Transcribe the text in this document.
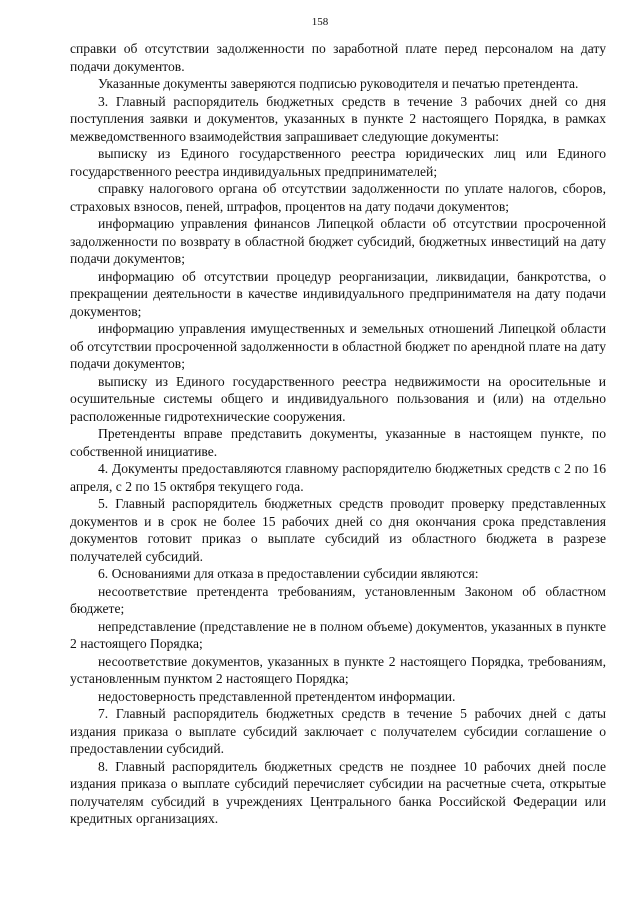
158

справки об отсутствии задолженности по заработной плате перед персоналом на дату подачи документов.

Указанные документы заверяются подписью руководителя и печатью претендента.

3. Главный распорядитель бюджетных средств в течение 3 рабочих дней со дня поступления заявки и документов, указанных в пункте 2 настоящего Порядка, в рамках межведомственного взаимодействия запрашивает следующие документы:

выписку из Единого государственного реестра юридических лиц или Единого государственного реестра индивидуальных предпринимателей;

справку налогового органа об отсутствии задолженности по уплате налогов, сборов, страховых взносов, пеней, штрафов, процентов на дату подачи документов;

информацию управления финансов Липецкой области об отсутствии просроченной задолженности по возврату в областной бюджет субсидий, бюджетных инвестиций на дату подачи документов;

информацию об отсутствии процедур реорганизации, ликвидации, банкротства, о прекращении деятельности в качестве индивидуального предпринимателя на дату подачи документов;

информацию управления имущественных и земельных отношений Липецкой области об отсутствии просроченной задолженности в областной бюджет по арендной плате на дату подачи документов;

выписку из Единого государственного реестра недвижимости на оросительные и осушительные системы общего и индивидуального пользования и (или) на отдельно расположенные гидротехнические сооружения.

Претенденты вправе представить документы, указанные в настоящем пункте, по собственной инициативе.

4. Документы предоставляются главному распорядителю бюджетных средств с 2 по 16 апреля, с 2 по 15 октября текущего года.

5. Главный распорядитель бюджетных средств проводит проверку представленных документов и в срок не более 15 рабочих дней со дня окончания срока представления документов готовит приказ о выплате субсидий из областного бюджета в разрезе получателей субсидий.

6. Основаниями для отказа в предоставлении субсидии являются:

несоответствие претендента требованиям, установленным Законом об областном бюджете;

непредставление (представление не в полном объеме) документов, указанных в пункте 2 настоящего Порядка;

несоответствие документов, указанных в пункте 2 настоящего Порядка, требованиям, установленным пунктом 2 настоящего Порядка;

недостоверность представленной претендентом информации.

7. Главный распорядитель бюджетных средств в течение 5 рабочих дней с даты издания приказа о выплате субсидий заключает с получателем субсидии соглашение о предоставлении субсидий.

8. Главный распорядитель бюджетных средств не позднее 10 рабочих дней после издания приказа о выплате субсидий перечисляет субсидии на расчетные счета, открытые получателям субсидий в учреждениях Центрального банка Российской Федерации или кредитных организациях.
